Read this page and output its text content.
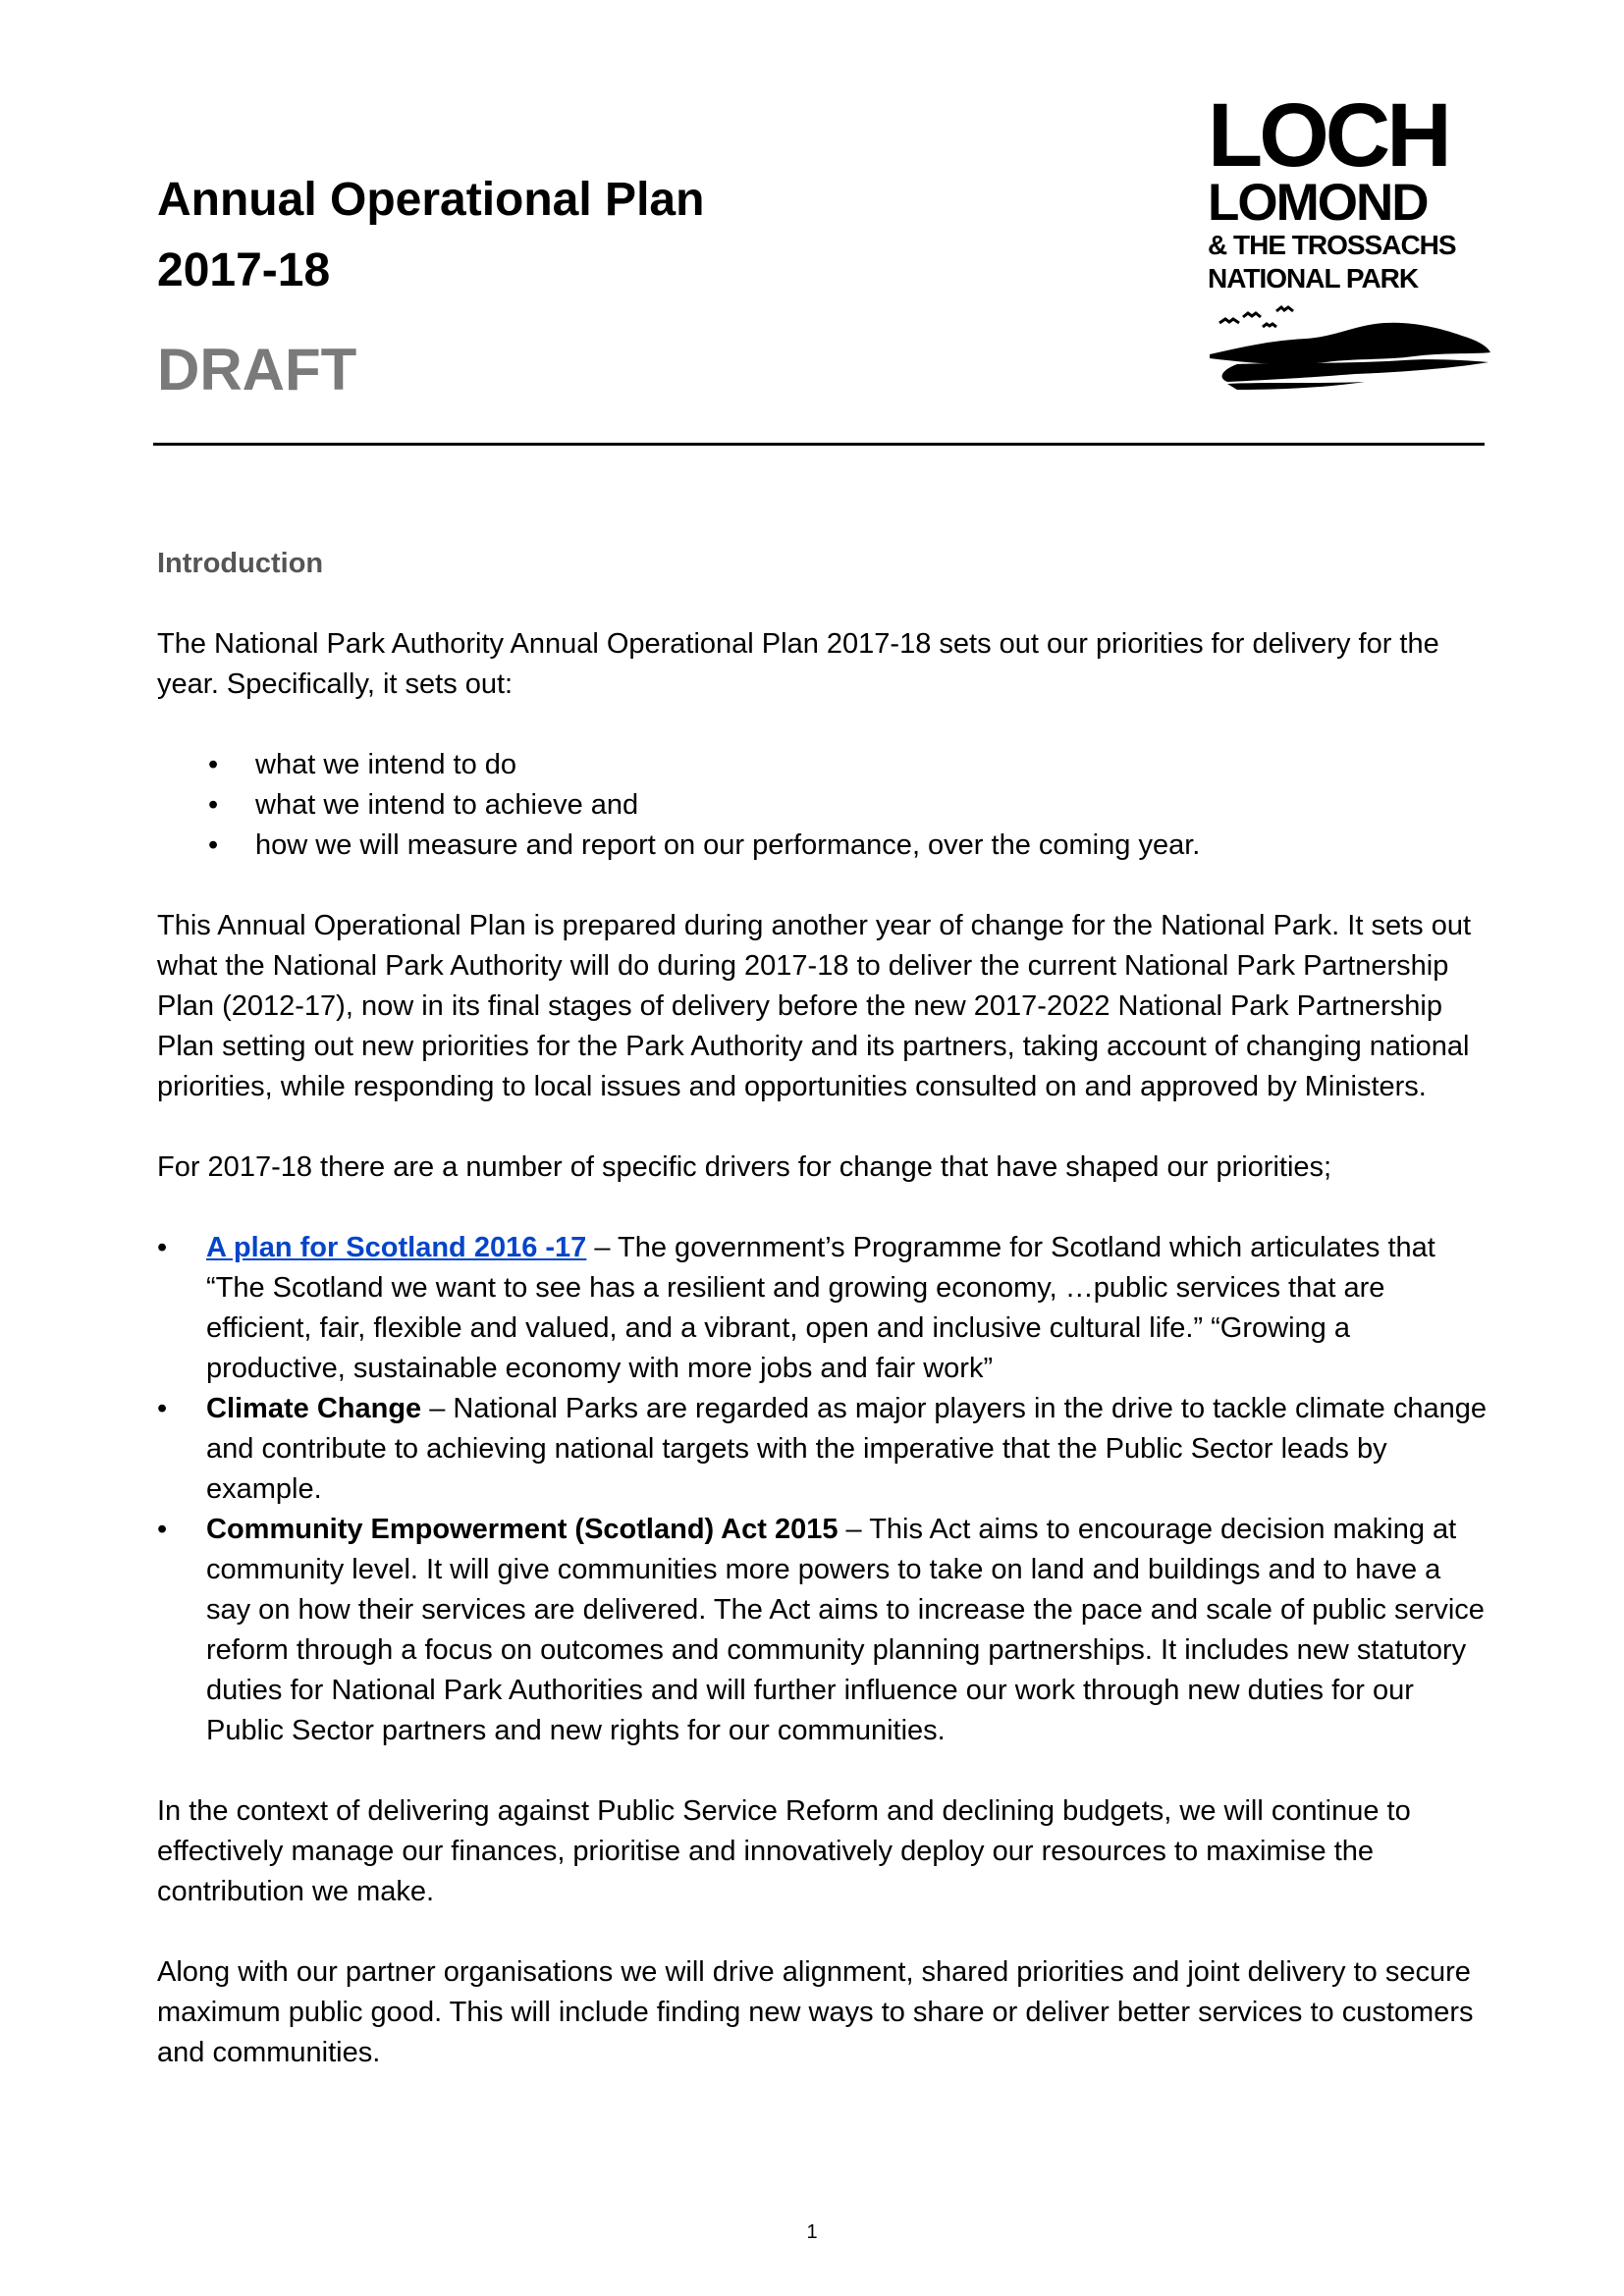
Annual Operational Plan

2017-18

DRAFT

LOCH

LOMOND

& THE TROSSACHS

NATIONAL PARK

Introduction

The National Park Authority Annual Operational Plan 2017-18 sets out our priorities for delivery for the year. Specifically, it sets out:

• what we intend to do
• what we intend to achieve and
• how we will measure and report on our performance, over the coming year.

This Annual Operational Plan is prepared during another year of change for the National Park. It sets out what the National Park Authority will do during 2017-18 to deliver the current National Park Partnership Plan (2012-17), now in its final stages of delivery before the new 2017-2022 National Park Partnership Plan setting out new priorities for the Park Authority and its partners, taking account of changing national priorities, while responding to local issues and opportunities consulted on and approved by Ministers.

For 2017-18 there are a number of specific drivers for change that have shaped our priorities;

• A plan for Scotland 2016 -17 – The government’s Programme for Scotland which articulates that “The Scotland we want to see has a resilient and growing economy, …public services that are efficient, fair, flexible and valued, and a vibrant, open and inclusive cultural life.” “Growing a productive, sustainable economy with more jobs and fair work”
• Climate Change – National Parks are regarded as major players in the drive to tackle climate change and contribute to achieving national targets with the imperative that the Public Sector leads by example.
• Community Empowerment (Scotland) Act 2015 – This Act aims to encourage decision making at community level. It will give communities more powers to take on land and buildings and to have a say on how their services are delivered. The Act aims to increase the pace and scale of public service reform through a focus on outcomes and community planning partnerships. It includes new statutory duties for National Park Authorities and will further influence our work through new duties for our Public Sector partners and new rights for our communities.

In the context of delivering against Public Service Reform and declining budgets, we will continue to effectively manage our finances, prioritise and innovatively deploy our resources to maximise the contribution we make.

Along with our partner organisations we will drive alignment, shared priorities and joint delivery to secure maximum public good. This will include finding new ways to share or deliver better services to customers and communities.

1
